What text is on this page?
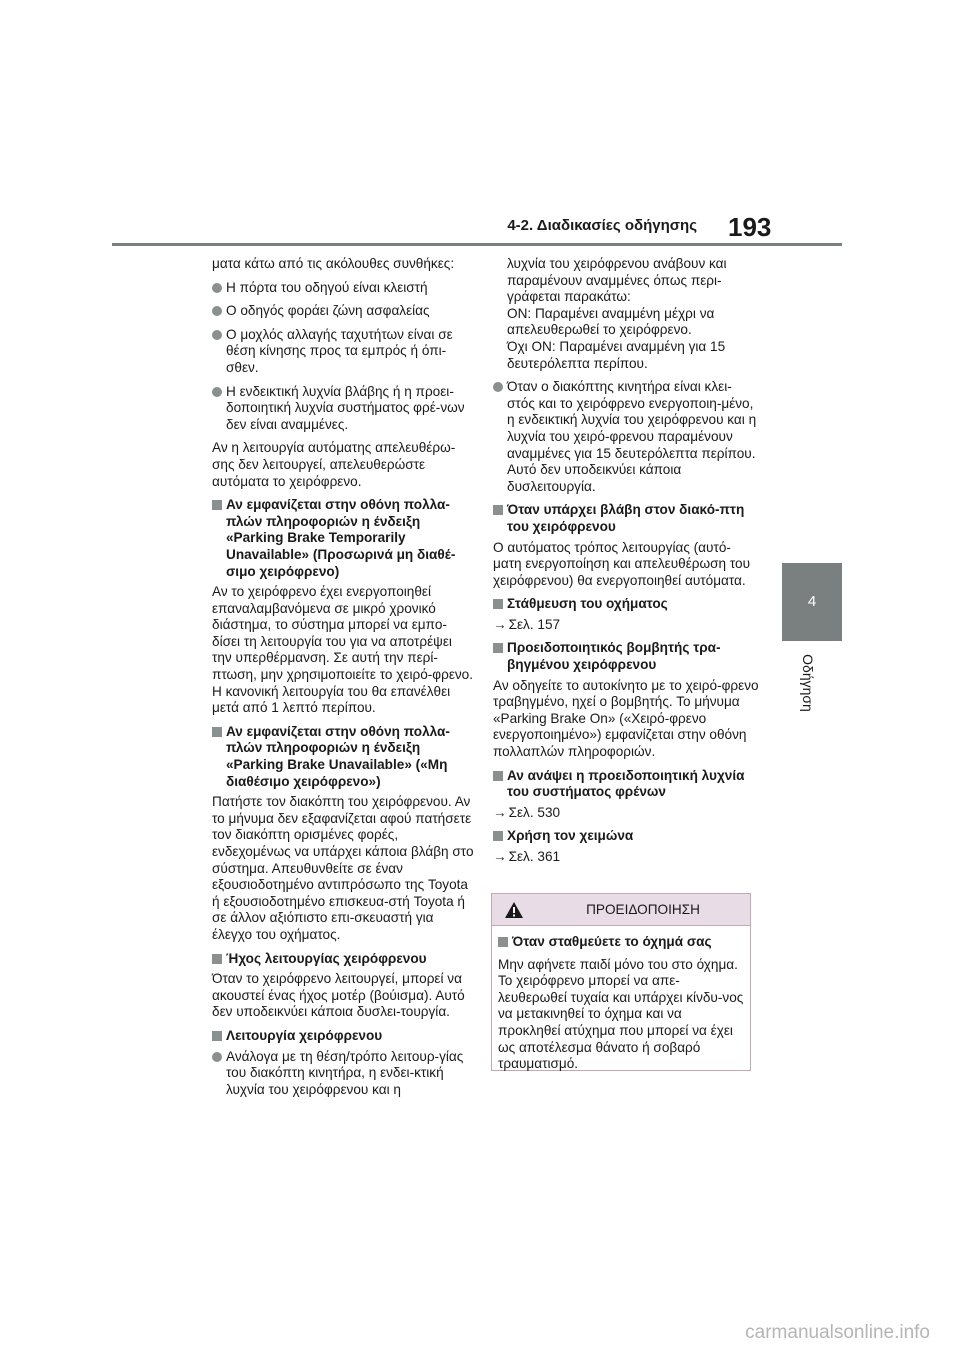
4-2. Διαδικασίες οδήγησης 193
4
Οδήγηση

ματα κάτω από τις ακόλουθες συνθήκες:

Η πόρτα του οδηγού είναι κλειστή
Ο οδηγός φοράει ζώνη ασφαλείας
Ο μοχλός αλλαγής ταχυτήτων είναι σε θέση κίνησης προς τα εμπρός ή όπι-σθεν.
Η ενδεικτική λυχνία βλάβης ή η προει-δοποιητική λυχνία συστήματος φρέ-νων δεν είναι αναμμένες.

Αν η λειτουργία αυτόματης απελευθέρω-σης δεν λειτουργεί, απελευθερώστε αυτόματα το χειρόφρενο.

Αν εμφανίζεται στην οθόνη πολλα-πλών πληροφοριών η ένδειξη «Parking Brake Temporarily Unavailable» (Προσωρινά μη διαθέ-σιμο χειρόφρενο)

Αν το χειρόφρενο έχει ενεργοποιηθεί επαναλαμβανόμενα σε μικρό χρονικό διάστημα, το σύστημα μπορεί να εμπο-δίσει τη λειτουργία του για να αποτρέψει την υπερθέρμανση. Σε αυτή την περί-πτωση, μην χρησιμοποιείτε το χειρό-φρενο. Η κανονική λειτουργία του θα επανέλθει μετά από 1 λεπτό περίπου.

Αν εμφανίζεται στην οθόνη πολλα-πλών πληροφοριών η ένδειξη «Parking Brake Unavailable» («Μη διαθέσιμο χειρόφρενο»)

Πατήστε τον διακόπτη του χειρόφρενου. Αν το μήνυμα δεν εξαφανίζεται αφού πατήσετε τον διακόπτη ορισμένες φορές, ενδεχομένως να υπάρχει κάποια βλάβη στο σύστημα. Απευθυνθείτε σε έναν εξουσιοδοτημένο αντιπρόσωπο της Toyota ή εξουσιοδοτημένο επισκευα-στή Toyota ή σε άλλον αξιόπιστο επι-σκευαστή για έλεγχο του οχήματος.

Ήχος λειτουργίας χειρόφρενου

Όταν το χειρόφρενο λειτουργεί, μπορεί να ακουστεί ένας ήχος μοτέρ (βούισμα). Αυτό δεν υποδεικνύει κάποια δυσλει-τουργία.

Λειτουργία χειρόφρενου
Ανάλογα με τη θέση/τρόπο λειτουρ-γίας του διακόπτη κινητήρα, η ενδει-κτική λυχνία του χειρόφρενου και η
λυχνία του χειρόφρενου ανάβουν και παραμένουν αναμμένες όπως περι-γράφεται παρακάτω:
ON: Παραμένει αναμμένη μέχρι να απελευθερωθεί το χειρόφρενο.
Όχι ON: Παραμένει αναμμένη για 15 δευτερόλεπτα περίπου.
Όταν ο διακόπτης κινητήρα είναι κλει-στός και το χειρόφρενο ενεργοποιη-μένο, η ενδεικτική λυχνία του χειρόφρενου και η λυχνία του χειρό-φρενου παραμένουν αναμμένες για 15 δευτερόλεπτα περίπου. Αυτό δεν υποδεικνύει κάποια δυσλειτουργία.
Όταν υπάρχει βλάβη στον διακό-πτη του χειρόφρενου

Ο αυτόματος τρόπος λειτουργίας (αυτό-ματη ενεργοποίηση και απελευθέρωση του χειρόφρενου) θα ενεργοποιηθεί αυτόματα.

Στάθμευση του οχήματος

→ Σελ. 157

Προειδοποιητικός βομβητής τρα-βηγμένου χειρόφρενου

Αν οδηγείτε το αυτοκίνητο με το χειρό-φρενο τραβηγμένο, ηχεί ο βομβητής. Το μήνυμα «Parking Brake On» («Χειρό-φρενο ενεργοποιημένο») εμφανίζεται στην οθόνη πολλαπλών πληροφοριών.

Αν ανάψει η προειδοποιητική λυχνία του συστήματος φρένων

→ Σελ. 530

Χρήση τον χειμώνα

→ Σελ. 361

ΠΡΟΕΙΔΟΠΟΙΗΣΗ
Όταν σταθμεύετε το όχημά σας
Μην αφήνετε παιδί μόνο του στο όχημα. Το χειρόφρενο μπορεί να απε-λευθερωθεί τυχαία και υπάρχει κίνδυ-νος να μετακινηθεί το όχημα και να προκληθεί ατύχημα που μπορεί να έχει ως αποτέλεσμα θάνατο ή σοβαρό τραυματισμό.
carmanualsonline.info
